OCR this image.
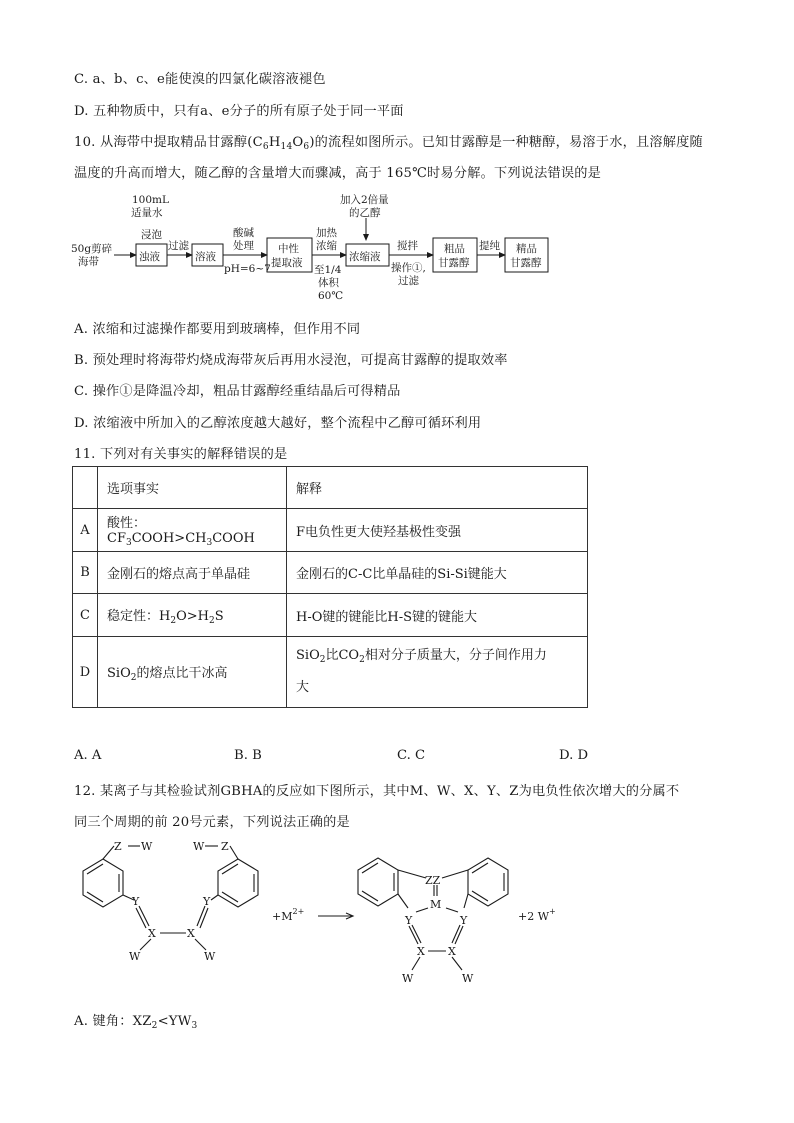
C. a、b、c、e能使溴的四氯化碳溶液褪色
D. 五种物质中，只有a、e分子的所有原子处于同一平面
10. 从海带中提取精品甘露醇$(C_6H_{14}O_6)$的流程如图所示。已知甘露醇是一种糖醇，易溶于水，且溶解度随
温度的升高而增大，随乙醇的含量增大而骤减，高于 165℃时易分解。下列说法错误的是
50g剪碎
海带
100mL
适量水
浸泡
浊液
过滤
溶液
酸碱
处理
pH=6~7
中性
提取液
加热
浓缩
至1/4
体积
60℃
加入2倍量
的乙醇
浓缩液
搅拌
操作①,
过滤
粗品
甘露醇
提纯 精品
甘露醇
A. 浓缩和过滤操作都要用到玻璃棒，但作用不同
B. 预处理时将海带灼烧成海带灰后再用水浸泡，可提高甘露醇的提取效率
C. 操作①是降温冷却，粗品甘露醇经重结晶后可得精品
D. 浓缩液中所加入的乙醇浓度越大越好，整个流程中乙醇可循环利用
11. 下列对有关事实的解释错误的是
	选项事实	解释
A	酸性：$CF_3COOH>CH_3COOH$	F电负性更大使羟基极性变强
B	金刚石的熔点高于单晶硅	金刚石的C-C比单晶硅的Si-Si键能大
C	稳定性：$H_2O>H_2S$	H-O键的键能比H-S键的键能大
D	SiO$_2$的熔点比干冰高	SiO$_2$比$CO_2$相对分子质量大，分子间作用力
大
A. A	B. B	C. C	D. D
12. 某离子与其检验试剂GBHA的反应如下图所示，其中M、W、X、Y、Z为电负性依次增大的分属不
同三个周期的前 20号元素，下列说法正确的是
Z W
Y
X
W
W Z
Y
X
W
$+M^{2+}$
ZZ
M
Y	Y
X X
W	W
+2 W+
A. 键角：$XZ_2<YW_3$
